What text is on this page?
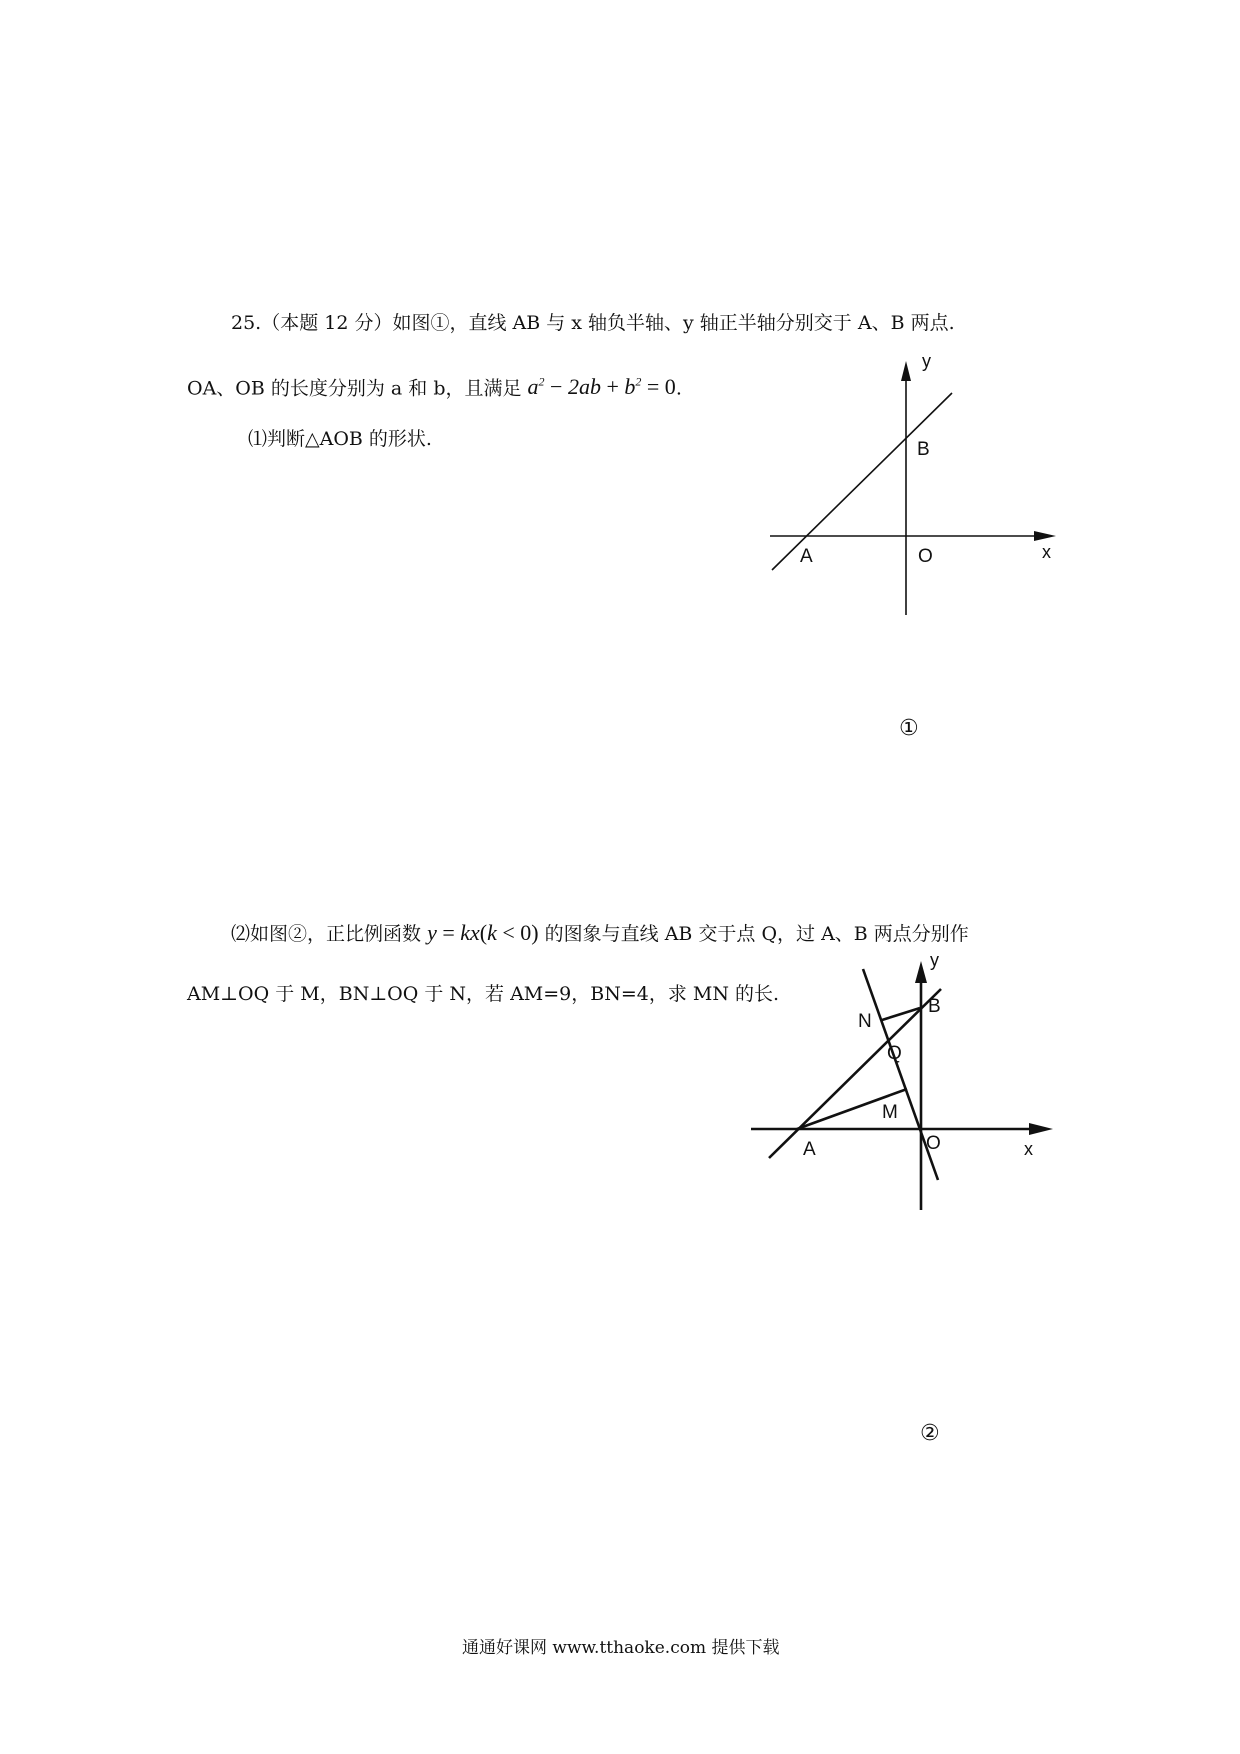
25.（本题 12 分）如图①，直线 AB 与 x 轴负半轴、y 轴正半轴分别交于 A、B 两点.
OA、OB 的长度分别为 a 和 b，且满足 $a^2 - 2ab + b^2 = 0$.
⑴判断△AOB 的形状.
y
B
A	O	x
①
⑵如图②，正比例函数 y = kx(k < 0) 的图象与直线 AB 交于点 Q，过 A、B 两点分别作
AM⊥OQ 于 M，BN⊥OQ 于 N，若 AM=9，BN=4，求 MN 的长.
y
B
N
Q
M
A	O	x
②
通通好课网 www.tthaoke.com 提供下载
